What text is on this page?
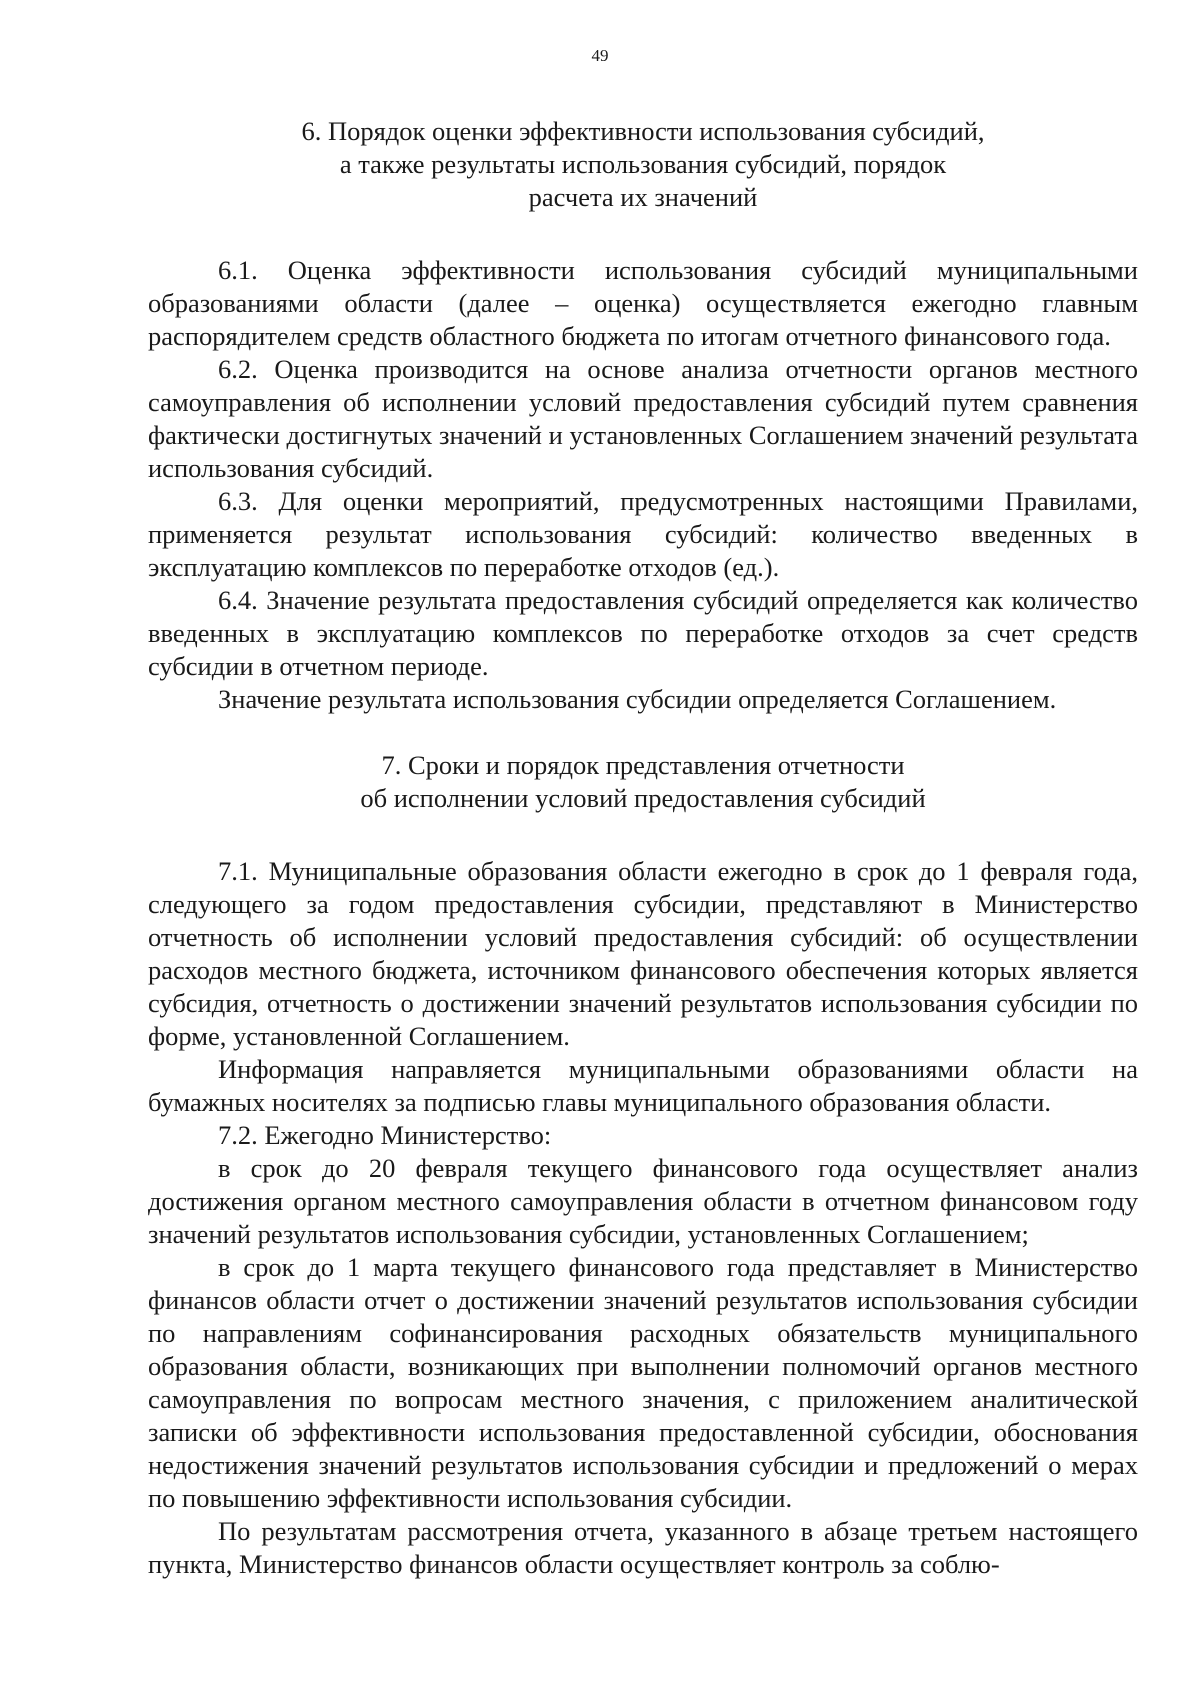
49
6. Порядок оценки эффективности использования субсидий,
а также результаты использования субсидий, порядок
расчета их значений

6.1. Оценка эффективности использования субсидий муниципальными образованиями области (далее – оценка) осуществляется ежегодно главным распорядителем средств областного бюджета по итогам отчетного финансового года.

6.2. Оценка производится на основе анализа отчетности органов местного самоуправления об исполнении условий предоставления субсидий путем сравнения фактически достигнутых значений и установленных Соглашением значений результата использования субсидий.

6.3. Для оценки мероприятий, предусмотренных настоящими Правилами, применяется результат использования субсидий: количество введенных в эксплуатацию комплексов по переработке отходов (ед.).

6.4. Значение результата предоставления субсидий определяется как количество введенных в эксплуатацию комплексов по переработке отходов за счет средств субсидии в отчетном периоде.

Значение результата использования субсидии определяется Соглашением.

7. Сроки и порядок представления отчетности
об исполнении условий предоставления субсидий

7.1. Муниципальные образования области ежегодно в срок до 1 февраля года, следующего за годом предоставления субсидии, представляют в Министерство отчетность об исполнении условий предоставления субсидий: об осуществлении расходов местного бюджета, источником финансового обеспечения которых является субсидия, отчетность о достижении значений результатов использования субсидии по форме, установленной Соглашением.

Информация направляется муниципальными образованиями области на бумажных носителях за подписью главы муниципального образования области.

7.2. Ежегодно Министерство:

в срок до 20 февраля текущего финансового года осуществляет анализ достижения органом местного самоуправления области в отчетном финансовом году значений результатов использования субсидии, установленных Соглашением;

в срок до 1 марта текущего финансового года представляет в Министерство финансов области отчет о достижении значений результатов использования субсидии по направлениям софинансирования расходных обязательств муниципального образования области, возникающих при выполнении полномочий органов местного самоуправления по вопросам местного значения, с приложением аналитической записки об эффективности использования предоставленной субсидии, обоснования недостижения значений результатов использования субсидии и предложений о мерах по повышению эффективности использования субсидии.

По результатам рассмотрения отчета, указанного в абзаце третьем настоящего пункта, Министерство финансов области осуществляет контроль за соблю-
